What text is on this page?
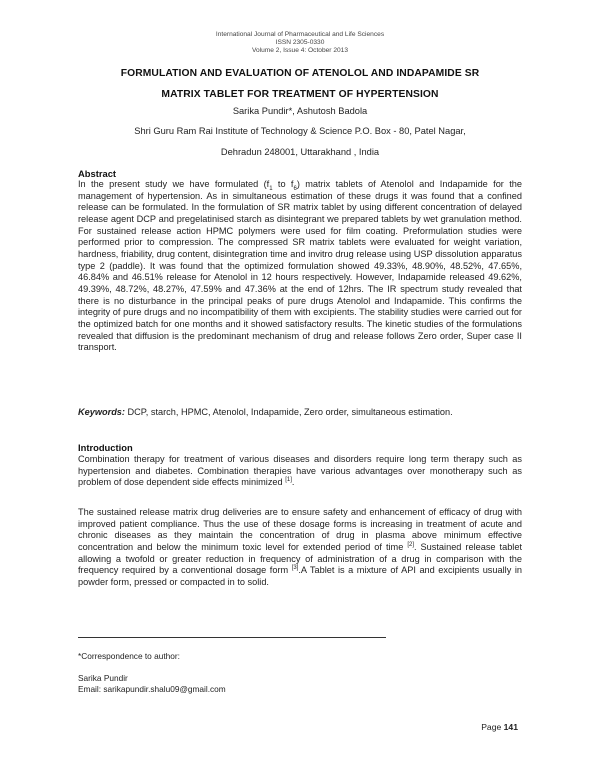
International Journal of Pharmaceutical and Life Sciences
ISSN 2305-0330
Volume 2, Issue 4: October 2013
FORMULATION AND EVALUATION OF ATENOLOL AND INDAPAMIDE SR
MATRIX TABLET FOR TREATMENT OF HYPERTENSION
Sarika Pundir*, Ashutosh Badola
Shri Guru Ram Rai Institute of Technology & Science P.O. Box - 80, Patel Nagar,
Dehradun 248001, Uttarakhand , India
Abstract

In the present study we have formulated ($f_1$ to $f_6$) matrix tablets of Atenolol and Indapamide for the management of hypertension. As in simultaneous estimation of these drugs it was found that a confined release can be formulated. In the formulation of SR matrix tablet by using different concentration of delayed release agent DCP and pregelatinised starch as disintegrant we prepared tablets by wet granulation method. For sustained release action HPMC polymers were used for film coating. Preformulation studies were performed prior to compression. The compressed SR matrix tablets were evaluated for weight variation, hardness, friability, drug content, disintegration time and invitro drug release using USP dissolution apparatus type 2 (paddle). It was found that the optimized formulation showed 49.33%, 48.90%, 48.52%, 47.65%, 46.84% and 46.51% release for Atenolol in 12 hours respectively. However, Indapamide released 49.62%, 49.39%, 48.72%, 48.27%, 47.59% and 47.36% at the end of 12hrs. The IR spectrum study revealed that there is no disturbance in the principal peaks of pure drugs Atenolol and Indapamide. This confirms the integrity of pure drugs and no incompatibility of them with excipients. The stability studies were carried out for the optimized batch for one months and it showed satisfactory results. The kinetic studies of the formulations revealed that diffusion is the predominant mechanism of drug and release follows Zero order, Super case II transport.

Keywords: DCP, starch, HPMC, Atenolol, Indapamide, Zero order, simultaneous estimation.
Introduction

Combination therapy for treatment of various diseases and disorders require long term therapy such as hypertension and diabetes. Combination therapies have various advantages over monotherapy such as problem of dose dependent side effects minimized [1].

The sustained release matrix drug deliveries are to ensure safety and enhancement of efficacy of drug with improved patient compliance. Thus the use of these dosage forms is increasing in treatment of acute and chronic diseases as they maintain the concentration of drug in plasma above minimum effective concentration and below the minimum toxic level for extended period of time [2]. Sustained release tablet allowing a twofold or greater reduction in frequency of administration of a drug in comparison with the frequency required by a conventional dosage form [3].A Tablet is a mixture of API and excipients usually in powder form, pressed or compacted in to solid.

*Correspondence to author:
Sarika Pundir
Email: sarikapundir.shalu09@gmail.com
Page 141
